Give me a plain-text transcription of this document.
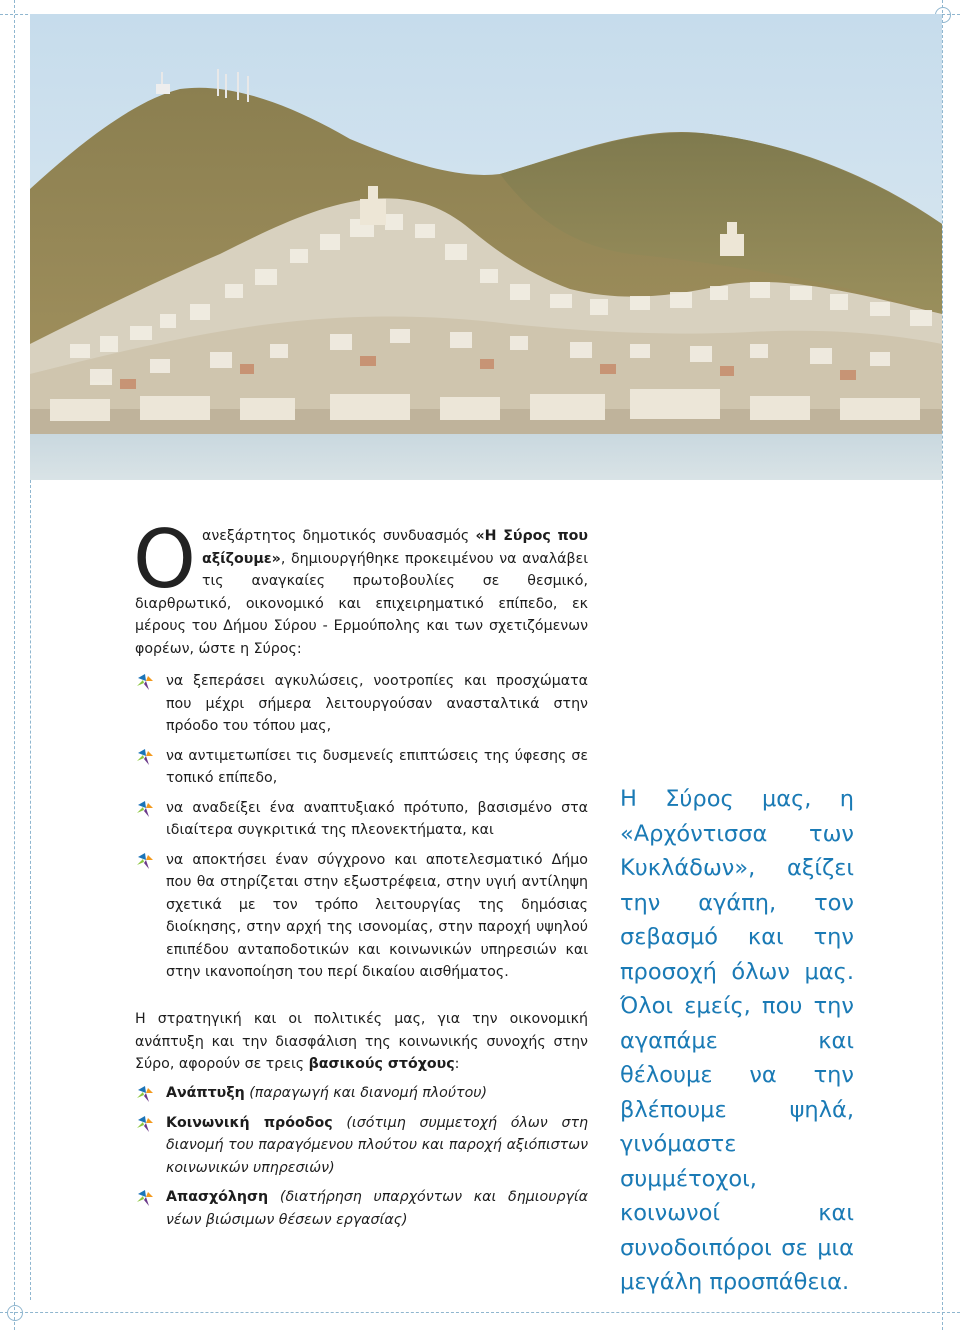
Οανεξάρτητος δημοτικός συνδυασμός «Η Σύρος που αξίζουμε», δημιουργήθηκε προκειμένου να αναλάβει τις αναγκαίες πρωτοβουλίες σε θεσμικό, διαρθρωτικό, οικονομικό και επιχειρηματικό επίπεδο, εκ μέρους του Δήμου Σύρου - Ερμούπολης και των σχετιζόμενων φορέων, ώστε η Σύρος:

να ξεπεράσει αγκυλώσεις, νοοτροπίες και προσχώματα που μέχρι σήμερα λειτουργούσαν ανασταλτικά στην πρόοδο του τόπου μας,
να αντιμετωπίσει τις δυσμενείς επιπτώσεις της ύφεσης σε τοπικό επίπεδο,
να αναδείξει ένα αναπτυξιακό πρότυπο, βασισμένο στα ιδιαίτερα συγκριτικά της πλεονεκτήματα, και
να αποκτήσει έναν σύγχρονο και αποτελεσματικό Δήμο που θα στηρίζεται στην εξωστρέφεια, στην υγιή αντίληψη σχετικά με τον τρόπο λειτουργίας της δημόσιας διοίκησης, στην αρχή της ισονομίας, στην παροχή υψηλού επιπέδου ανταποδοτικών και κοινωνικών υπηρεσιών και στην ικανοποίηση του περί δικαίου αισθήματος.

Η στρατηγική και οι πολιτικές μας, για την οικονομική ανάπτυξη και την διασφάλιση της κοινωνικής συνοχής στην Σύρο, αφορούν σε τρεις βασικούς στόχους:

Ανάπτυξη (παραγωγή και διανομή πλούτου)
Κοινωνική πρόοδος (ισότιμη συμμετοχή όλων στη διανομή του παραγόμενου πλούτου και παροχή αξιόπιστων κοινωνικών υπηρεσιών)
Απασχόληση (διατήρηση υπαρχόντων και δημιουργία νέων βιώσιμων θέσεων εργασίας)

Η Σύρος μας, η «Αρχόντισσα των Κυκλάδων», αξίζει την αγάπη, τον σεβασμό και την προσοχή όλων μας. Όλοι εμείς, που την αγαπάμε και θέλουμε να την βλέπουμε ψηλά, γινόμαστε συμμέτοχοι, κοινωνοί και συνοδοιπόροι σε μια μεγάλη προσπάθεια.
